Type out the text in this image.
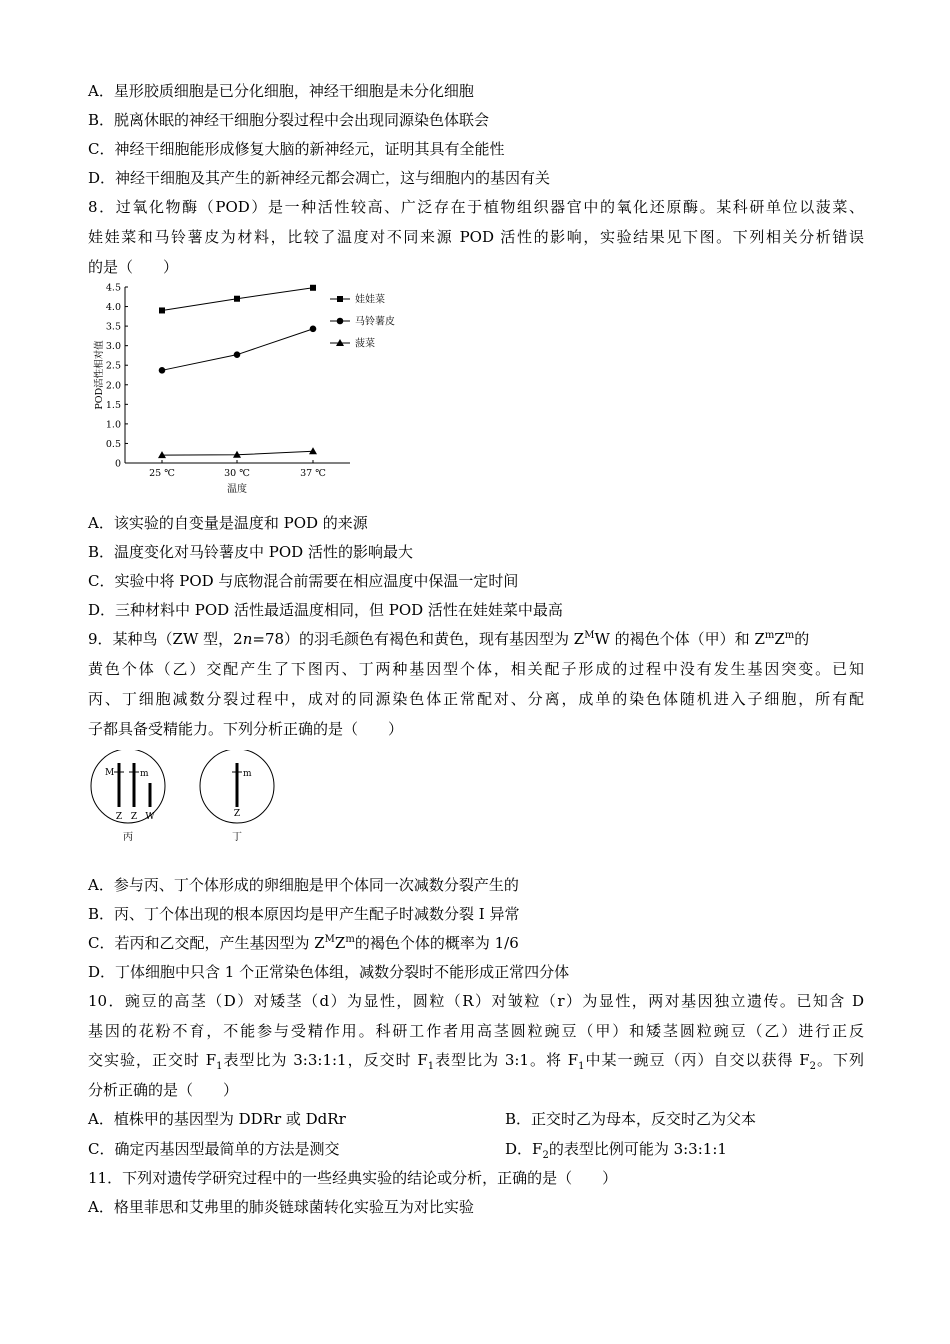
A．星形胶质细胞是已分化细胞，神经干细胞是未分化细胞
B．脱离休眠的神经干细胞分裂过程中会出现同源染色体联会
C．神经干细胞能形成修复大脑的新神经元，证明其具有全能性
D．神经干细胞及其产生的新神经元都会凋亡，这与细胞内的基因有关
8．过氧化物酶（POD）是一种活性较高、广泛存在于植物组织器官中的氧化还原酶。某科研单位以菠菜、
娃娃菜和马铃薯皮为材料，比较了温度对不同来源 POD 活性的影响，实验结果见下图。下列相关分析错误
的是（　　）
A．该实验的自变量是温度和 POD 的来源
B．温度变化对马铃薯皮中 POD 活性的影响最大
C．实验中将 POD 与底物混合前需要在相应温度中保温一定时间
D．三种材料中 POD 活性最适温度相同，但 POD 活性在娃娃菜中最高
9．某种鸟（ZW 型，2n=78）的羽毛颜色有褐色和黄色，现有基因型为 $Z^MW$ 的褐色个体（甲）和 $Z^mZ^m$的
黄色个体（乙）交配产生了下图丙、丁两种基因型个体，相关配子形成的过程中没有发生基因突变。已知
丙、丁细胞减数分裂过程中，成对的同源染色体正常配对、分离，成单的染色体随机进入子细胞，所有配
子都具备受精能力。下列分析正确的是（　　）
A．参与丙、丁个体形成的卵细胞是甲个体同一次减数分裂产生的
B．丙、丁个体出现的根本原因均是甲产生配子时减数分裂 I 异常
C．若丙和乙交配，产生基因型为 $Z^MZ^m$的褐色个体的概率为 1/6
D．丁体细胞中只含 1 个正常染色体组，减数分裂时不能形成正常四分体
10．豌豆的高茎（D）对矮茎（d）为显性，圆粒（R）对皱粒（r）为显性，两对基因独立遗传。已知含 D
基因的花粉不育，不能参与受精作用。科研工作者用高茎圆粒豌豆（甲）和矮茎圆粒豌豆（乙）进行正反
交实验，正交时 $F_1$表型比为 3:3:1:1，反交时 $F_1$表型比为 3:1。将 $F_1$中某一豌豆（丙）自交以获得 $F_2$。下列
分析正确的是（　　）
A．植株甲的基因型为 DDRr 或 DdRr	B．正交时乙为母本，反交时乙为父本
C．确定丙基因型最简单的方法是测交	D．$F_2$的表型比例可能为 3:3:1:1
11．下列对遗传学研究过程中的一些经典实验的结论或分析，正确的是（　　）
A．格里菲思和艾弗里的肺炎链球菌转化实验互为对比实验
0
0.5
1.0
1.5
2.0
2.5
3.0
3.5
4.0
4.5
25 ℃	30 ℃	37 ℃
温度
POD活性相对值
娃娃菜
马铃薯皮
菠菜
Z Z W
M	m	m
Z
丙	丁
